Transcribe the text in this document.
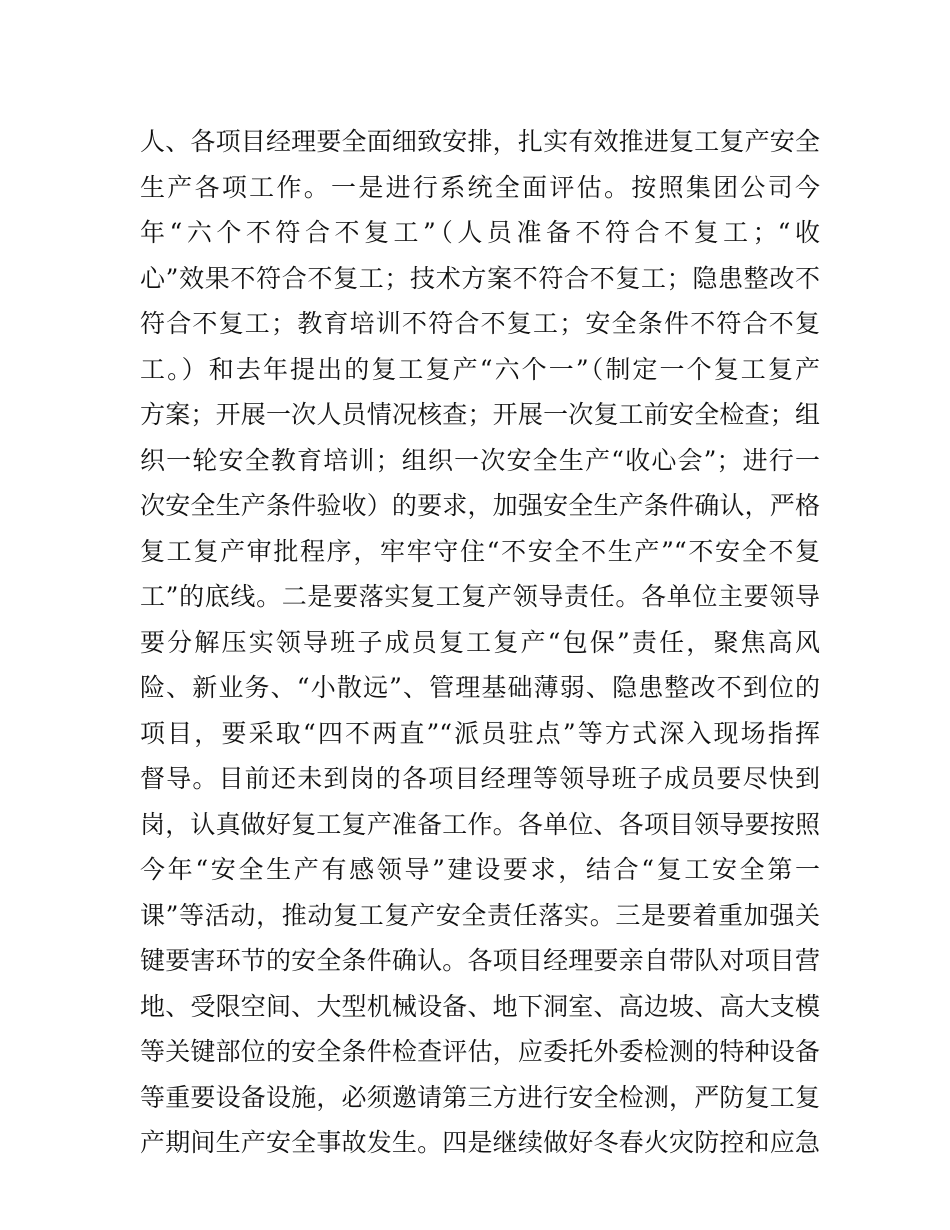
人、各项目经理要全面细致安排，扎实有效推进复工复产安全
生产各项工作。一是进行系统全面评估。按照集团公司今
年“六个不符合不复工”（人员准备不符合不复工；“收
心”效果不符合不复工；技术方案不符合不复工；隐患整改不
符合不复工；教育培训不符合不复工；安全条件不符合不复
工。）和去年提出的复工复产“六个一”（制定一个复工复产
方案；开展一次人员情况核查；开展一次复工前安全检查；组
织一轮安全教育培训；组织一次安全生产“收心会”；进行一
次安全生产条件验收）的要求，加强安全生产条件确认，严格
复工复产审批程序，牢牢守住“不安全不生产”“不安全不复
工”的底线。二是要落实复工复产领导责任。各单位主要领导
要分解压实领导班子成员复工复产“包保”责任，聚焦高风
险、新业务、“小散远”、管理基础薄弱、隐患整改不到位的
项目，要采取“四不两直”“派员驻点”等方式深入现场指挥
督导。目前还未到岗的各项目经理等领导班子成员要尽快到
岗，认真做好复工复产准备工作。各单位、各项目领导要按照
今年“安全生产有感领导”建设要求，结合“复工安全第一
课”等活动，推动复工复产安全责任落实。三是要着重加强关
键要害环节的安全条件确认。各项目经理要亲自带队对项目营
地、受限空间、大型机械设备、地下洞室、高边坡、高大支模
等关键部位的安全条件检查评估，应委托外委检测的特种设备
等重要设备设施，必须邀请第三方进行安全检测，严防复工复
产期间生产安全事故发生。四是继续做好冬春火灾防控和应急
